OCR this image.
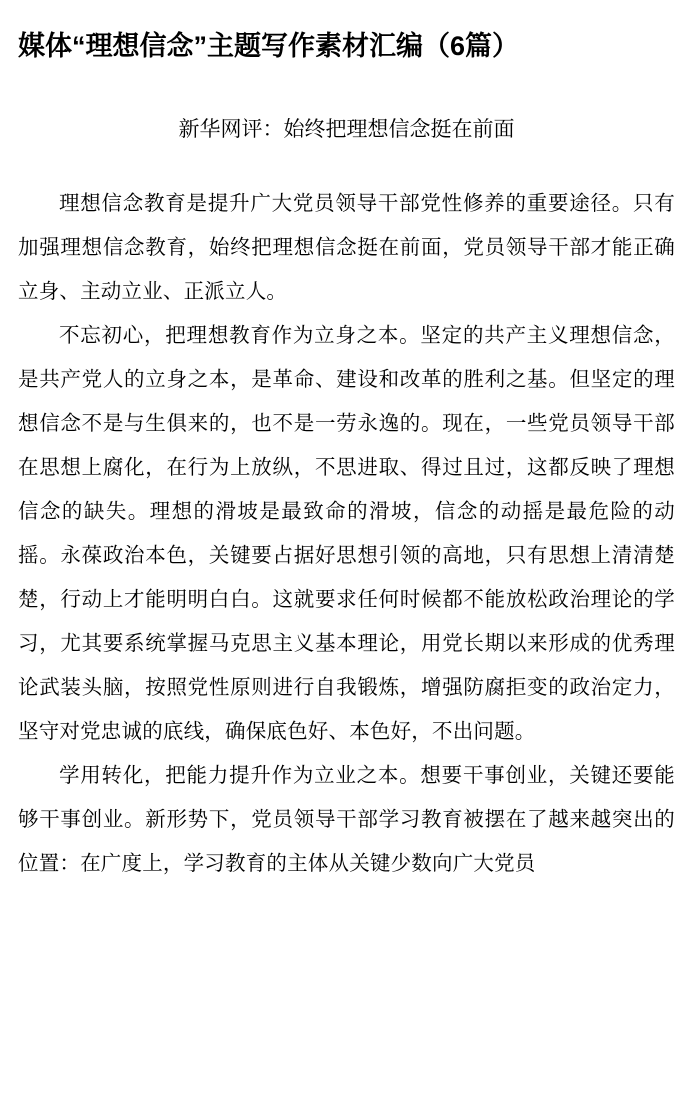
媒体“理想信念”主题写作素材汇编（6篇）
新华网评：始终把理想信念挺在前面

理想信念教育是提升广大党员领导干部党性修养的重要途径。只有加强理想信念教育，始终把理想信念挺在前面，党员领导干部才能正确立身、主动立业、正派立人。

不忘初心，把理想教育作为立身之本。坚定的共产主义理想信念，是共产党人的立身之本，是革命、建设和改革的胜利之基。但坚定的理想信念不是与生俱来的，也不是一劳永逸的。现在，一些党员领导干部在思想上腐化，在行为上放纵，不思进取、得过且过，这都反映了理想信念的缺失。理想的滑坡是最致命的滑坡，信念的动摇是最危险的动摇。永葆政治本色，关键要占据好思想引领的高地，只有思想上清清楚楚，行动上才能明明白白。这就要求任何时候都不能放松政治理论的学习，尤其要系统掌握马克思主义基本理论，用党长期以来形成的优秀理论武装头脑，按照党性原则进行自我锻炼，增强防腐拒变的政治定力，坚守对党忠诚的底线，确保底色好、本色好，不出问题。

学用转化，把能力提升作为立业之本。想要干事创业，关键还要能够干事创业。新形势下，党员领导干部学习教育被摆在了越来越突出的位置：在广度上，学习教育的主体从关键少数向广大党员
